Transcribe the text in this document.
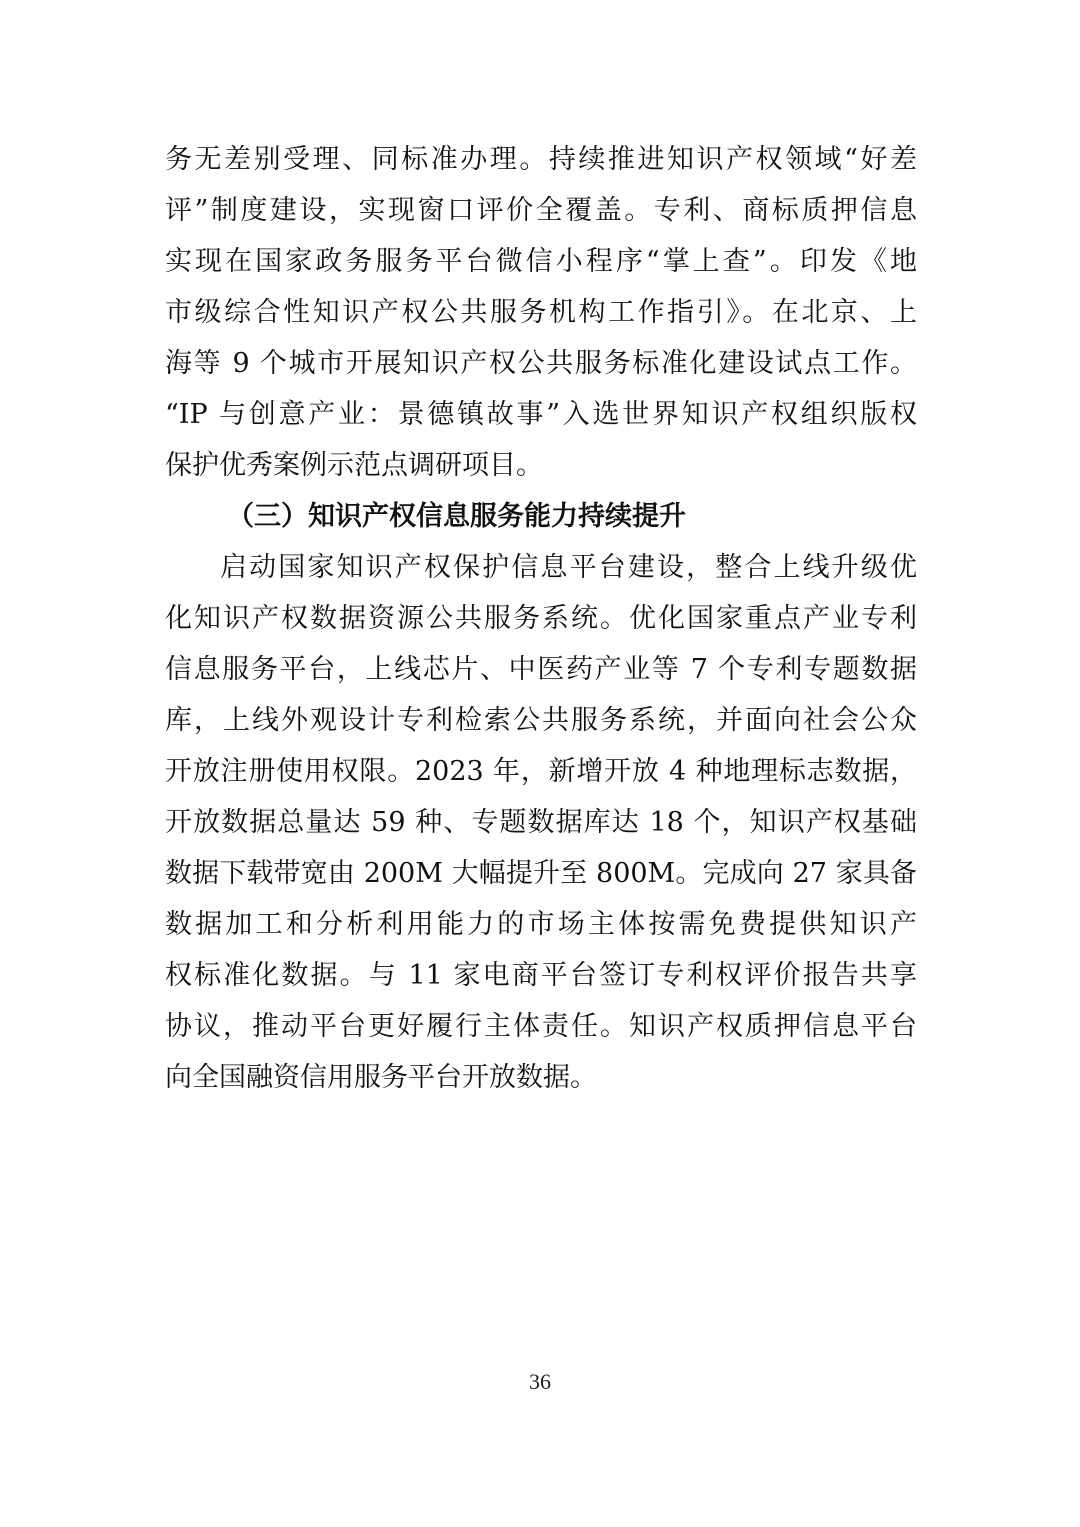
务无差别受理、同标准办理。持续推进知识产权领域“好差
评”制度建设，实现窗口评价全覆盖。专利、商标质押信息
实现在国家政务服务平台微信小程序“掌上查”。印发《地
市级综合性知识产权公共服务机构工作指引》。在北京、上
海等 9 个城市开展知识产权公共服务标准化建设试点工作。
“IP 与创意产业：景德镇故事”入选世界知识产权组织版权
保护优秀案例示范点调研项目。
（三）知识产权信息服务能力持续提升
启动国家知识产权保护信息平台建设，整合上线升级优
化知识产权数据资源公共服务系统。优化国家重点产业专利
信息服务平台，上线芯片、中医药产业等 7 个专利专题数据
库，上线外观设计专利检索公共服务系统，并面向社会公众
开放注册使用权限。2023 年，新增开放 4 种地理标志数据，
开放数据总量达 59 种、专题数据库达 18 个，知识产权基础
数据下载带宽由 200M 大幅提升至 800M。完成向 27 家具备
数据加工和分析利用能力的市场主体按需免费提供知识产
权标准化数据。与 11 家电商平台签订专利权评价报告共享
协议，推动平台更好履行主体责任。知识产权质押信息平台
向全国融资信用服务平台开放数据。
36
